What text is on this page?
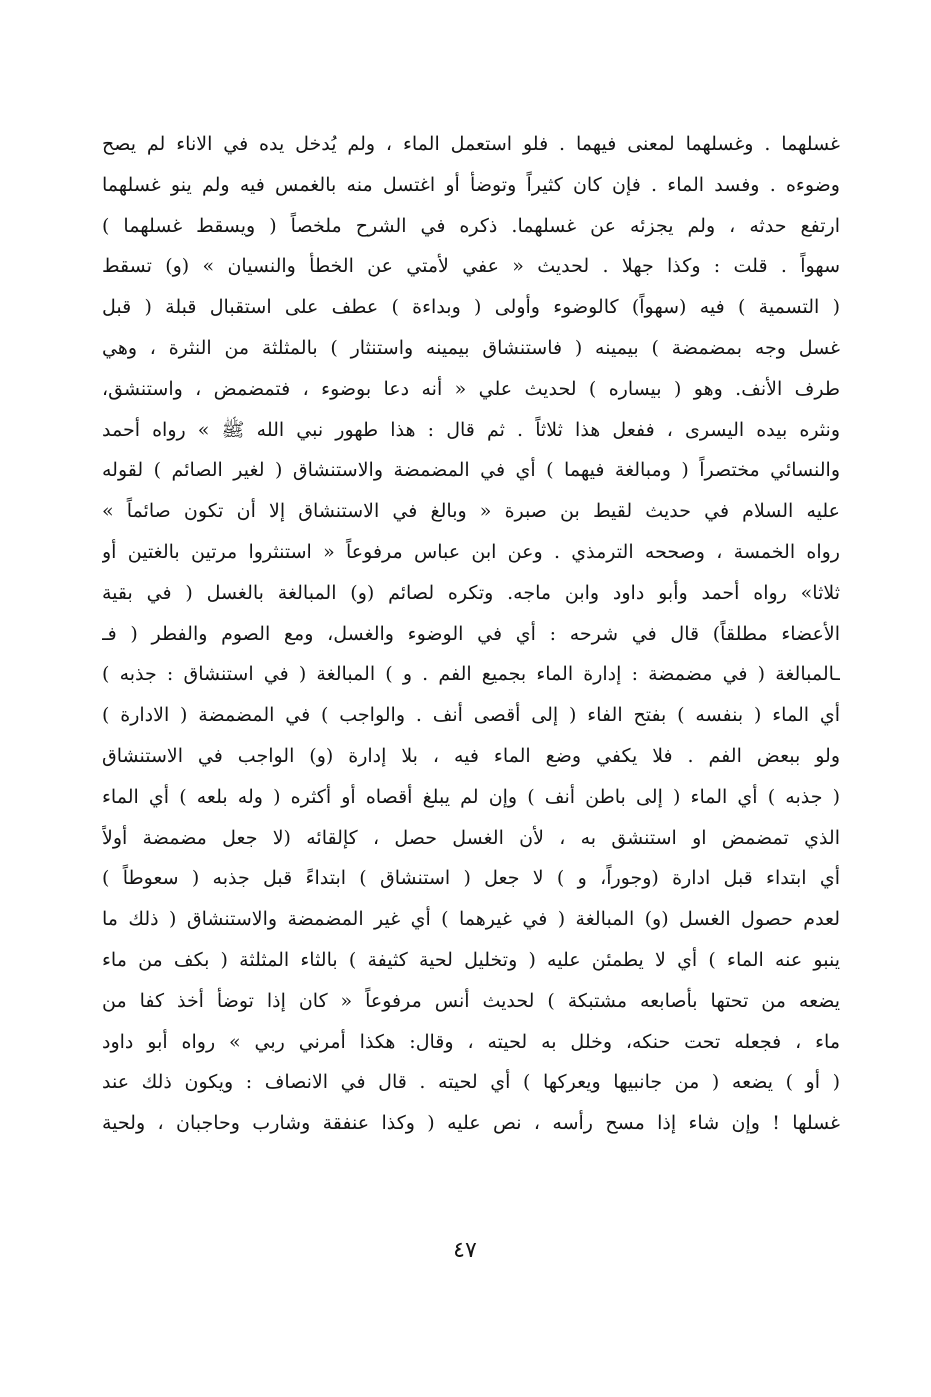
غسلهما . وغسلهما لمعنى فيهما . فلو استعمل الماء ، ولم يُدخل يده في الاناء لم يصح
وضوءه . وفسد الماء . فإن كان كثيراً وتوضأ أو اغتسل منه بالغمس فيه ولم ينو غسلهما
ارتفع حدثه ، ولم يجزئه عن غسلهما. ذكره في الشرح ملخصاً ( ويسقط غسلهما )
سهواً . قلت : وكذا جهلا . لحديث « عفي لأمتي عن الخطأ والنسيان » (و) تسقط
( التسمية ) فيه (سهواً) كالوضوء وأولى ( وبداءة ) عطف على استقبال قبلة ( قبل
غسل وجه بمضمضة ) بيمينه ( فاستنشاق بيمينه واستنثار ) بالمثلثة من النثرة ، وهي
طرف الأنف. وهو ( بيساره ) لحديث علي « أنه دعا بوضوء ، فتمضمض ، واستنشق،
ونثره بيده اليسرى ، ففعل هذا ثلاثاً . ثم قال : هذا طهور نبي الله ﷺ » رواه أحمد
والنسائي مختصراً ( ومبالغة فيهما ) أي في المضمضة والاستنشاق ( لغير الصائم ) لقوله
عليه السلام في حديث لقيط بن صبرة « وبالغ في الاستنشاق إلا أن تكون صائماً »
رواه الخمسة ، وصححه الترمذي . وعن ابن عباس مرفوعاً « استنثروا مرتين بالغتين أو
ثلاثا» رواه أحمد وأبو داود وابن ماجه. وتكره لصائم (و) المبالغة بالغسل ( في بقية
الأعضاء مطلقاً) قال في شرحه : أي في الوضوء والغسل، ومع الصوم والفطر ( فـ
ـالمبالغة ( في مضمضة : إدارة الماء بجميع الفم . و ) المبالغة ( في استنشاق : جذبه )
أي الماء ( بنفسه ) بفتح الفاء ( إلى أقصى أنف . والواجب ) في المضمضة ( الادارة )
ولو ببعض الفم . فلا يكفي وضع الماء فيه ، بلا إدارة (و) الواجب في الاستنشاق
( جذبه ) أي الماء ( إلى باطن أنف ) وإن لم يبلغ أقصاه أو أكثره ( وله بلعه ) أي الماء
الذي تمضمض او استنشق به ، لأن الغسل حصل ، كإلقائه (لا جعل مضمضة أولاً
أي ابتداء قبل ادارة (وجوراً، و ) لا جعل ( استنشاق ) ابتداءً قبل جذبه ( سعوطاً )
لعدم حصول الغسل (و) المبالغة ( في غيرهما ) أي غير المضمضة والاستنشاق ( ذلك ما
ينبو عنه الماء ) أي لا يطمئن عليه ( وتخليل لحية كثيفة ) بالثاء المثلثة ( بكف من ماء
يضعه من تحتها بأصابعه مشتبكة ) لحديث أنس مرفوعاً « كان إذا توضأ أخذ كفا من
ماء ، فجعله تحت حنكه، وخلل به لحيته ، وقال: هكذا أمرني ربي » رواه أبو داود
( أو ) يضعه ( من جانبيها ويعركها ) أي لحيته . قال في الانصاف : ويكون ذلك عند
غسلها ! وإن شاء إذا مسح رأسه ، نص عليه ( وكذا عنفقة وشارب وحاجبان ، ولحية
٤٧
